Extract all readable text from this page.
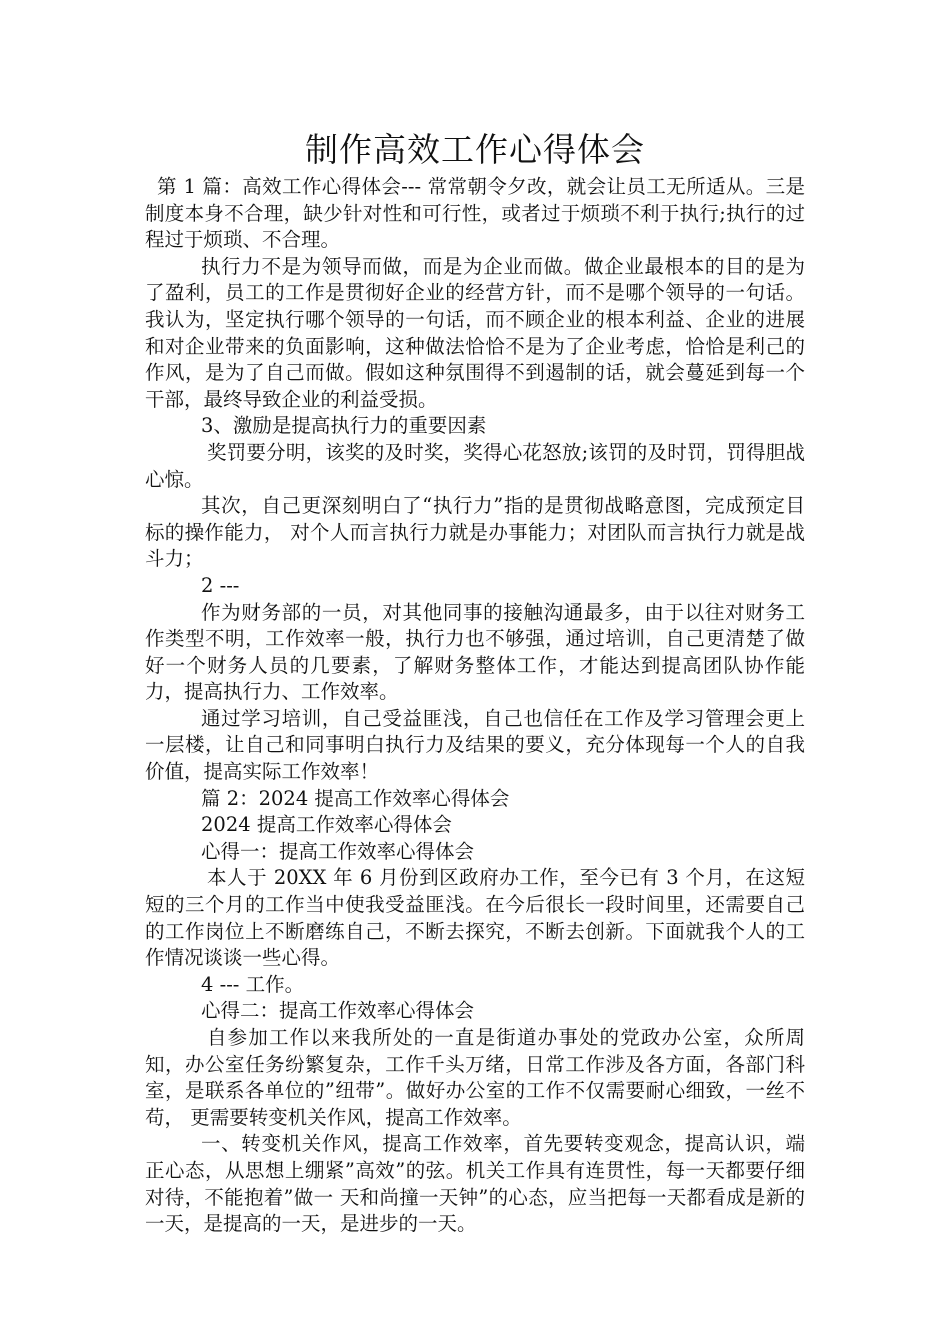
制作高效工作心得体会

第 1 篇：高效工作心得体会--- 常常朝令夕改，就会让员工无所适从。三是制度本身不合理，缺少针对性和可行性，或者过于烦琐不利于执行;执行的过程过于烦琐、不合理。

执行力不是为领导而做，而是为企业而做。做企业最根本的目的是为了盈利，员工的工作是贯彻好企业的经营方针，而不是哪个领导的一句话。我认为，坚定执行哪个领导的一句话，而不顾企业的根本利益、企业的进展和对企业带来的负面影响，这种做法恰恰不是为了企业考虑，恰恰是利己的作风，是为了自己而做。假如这种氛围得不到遏制的话，就会蔓延到每一个干部，最终导致企业的利益受损。

3、激励是提高执行力的重要因素

奖罚要分明，该奖的及时奖，奖得心花怒放;该罚的及时罚，罚得胆战心惊。

其次，自己更深刻明白了“执行力”指的是贯彻战略意图，完成预定目标的操作能力， 对个人而言执行力就是办事能力；对团队而言执行力就是战斗力；

2 ---

作为财务部的一员，对其他同事的接触沟通最多，由于以往对财务工作类型不明，工作效率一般，执行力也不够强，通过培训，自己更清楚了做好一个财务人员的几要素，了解财务整体工作，才能达到提高团队协作能力，提高执行力、工作效率。

通过学习培训，自己受益匪浅，自己也信任在工作及学习管理会更上一层楼，让自己和同事明白执行力及结果的要义，充分体现每一个人的自我价值，提高实际工作效率！

篇 2：2024 提高工作效率心得体会

2024 提高工作效率心得体会

心得一：提高工作效率心得体会

本人于 20XX 年 6 月份到区政府办工作，至今已有 3 个月，在这短短的三个月的工作当中使我受益匪浅。在今后很长一段时间里，还需要自己的工作岗位上不断磨练自己，不断去探究，不断去创新。下面就我个人的工作情况谈谈一些心得。

4 --- 工作。

心得二：提高工作效率心得体会

自参加工作以来我所处的一直是街道办事处的党政办公室，众所周知，办公室任务纷繁复杂，工作千头万绪，日常工作涉及各方面，各部门科室，是联系各单位的”纽带”。做好办公室的工作不仅需要耐心细致，一丝不苟， 更需要转变机关作风，提高工作效率。

一、转变机关作风，提高工作效率，首先要转变观念，提高认识，端正心态，从思想上绷紧”高效”的弦。机关工作具有连贯性，每一天都要仔细对待，不能抱着”做一 天和尚撞一天钟”的心态，应当把每一天都看成是新的一天，是提高的一天，是进步的一天。
